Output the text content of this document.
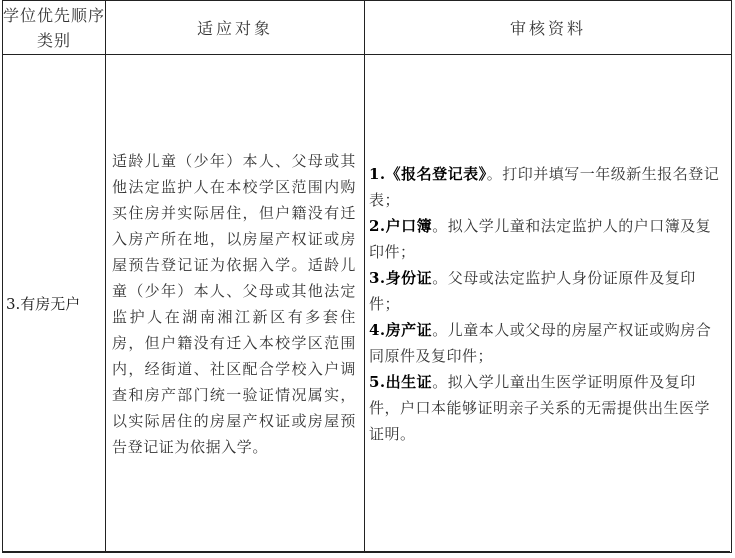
学位优先顺序类别	适应对象	审核资料

3.有房无户	适龄儿童（少年）本人、父母或其他法定监护人在本校学区范围内购买住房并实际居住，但户籍没有迁入房产所在地，以房屋产权证或房屋预告登记证为依据入学。适龄儿童（少年）本人、父母或其他法定监护人在湖南湘江新区有多套住房，但户籍没有迁入本校学区范围内，经街道、社区配合学校入户调查和房产部门统一验证情况属实，以实际居住的房屋产权证或房屋预告登记证为依据入学。	1.《报名登记表》。打印并填写一年级新生报名登记表；
2.户口簿。拟入学儿童和法定监护人的户口簿及复印件；
3.身份证。父母或法定监护人身份证原件及复印件；
4.房产证。儿童本人或父母的房屋产权证或购房合同原件及复印件；
5.出生证。拟入学儿童出生医学证明原件及复印件，户口本能够证明亲子关系的无需提供出生医学证明。
